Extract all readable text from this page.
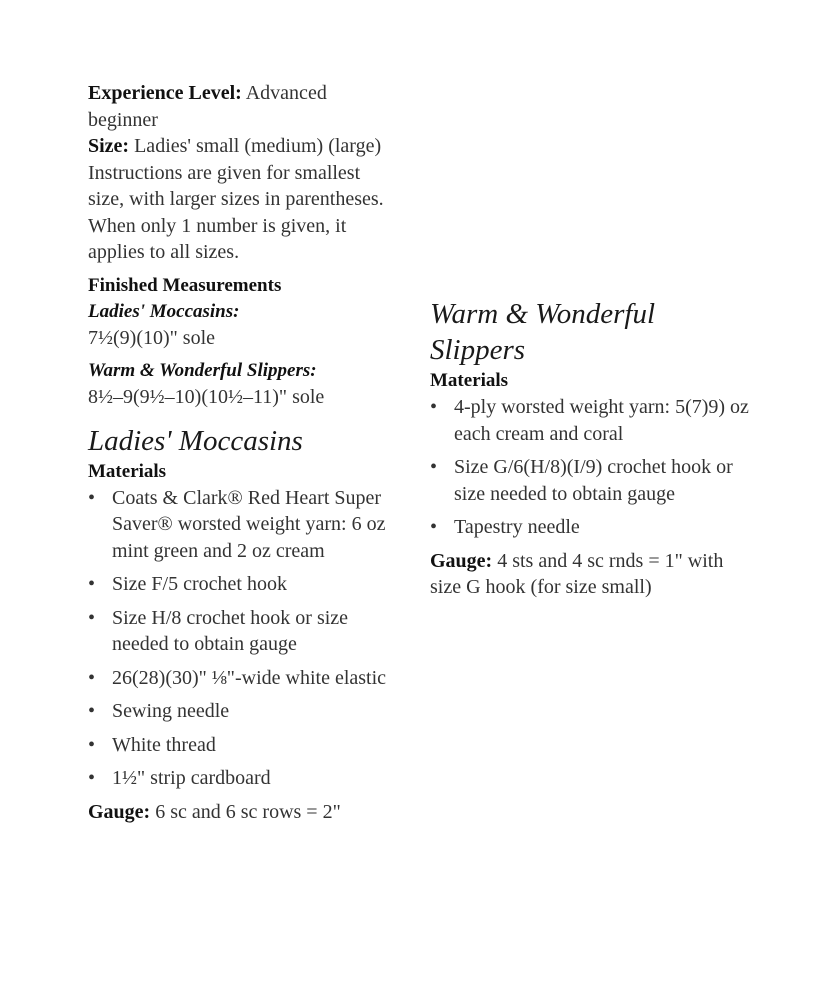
Experience Level: Advanced beginner

Size: Ladies' small (medium) (large) Instructions are given for smallest size, with larger sizes in parentheses. When only 1 number is given, it applies to all sizes.

Finished Measurements

Ladies' Moccasins:

7½(9)(10)" sole

Warm & Wonderful Slippers:

8½–9(9½–10)(10½–11)" sole

Ladies' Moccasins

Materials

• Coats & Clark® Red Heart Super Saver® worsted weight yarn: 6 oz mint green and 2 oz cream
• Size F/5 crochet hook
• Size H/8 crochet hook or size needed to obtain gauge
• 26(28)(30)" ⅛"-wide white elastic
• Sewing needle
• White thread
• 1½" strip cardboard

Gauge: 6 sc and 6 sc rows = 2"

Warm & Wonderful Slippers

Materials

• 4-ply worsted weight yarn: 5(7)9) oz each cream and coral
• Size G/6(H/8)(I/9) crochet hook or size needed to obtain gauge
• Tapestry needle

Gauge: 4 sts and 4 sc rnds = 1" with size G hook (for size small)
